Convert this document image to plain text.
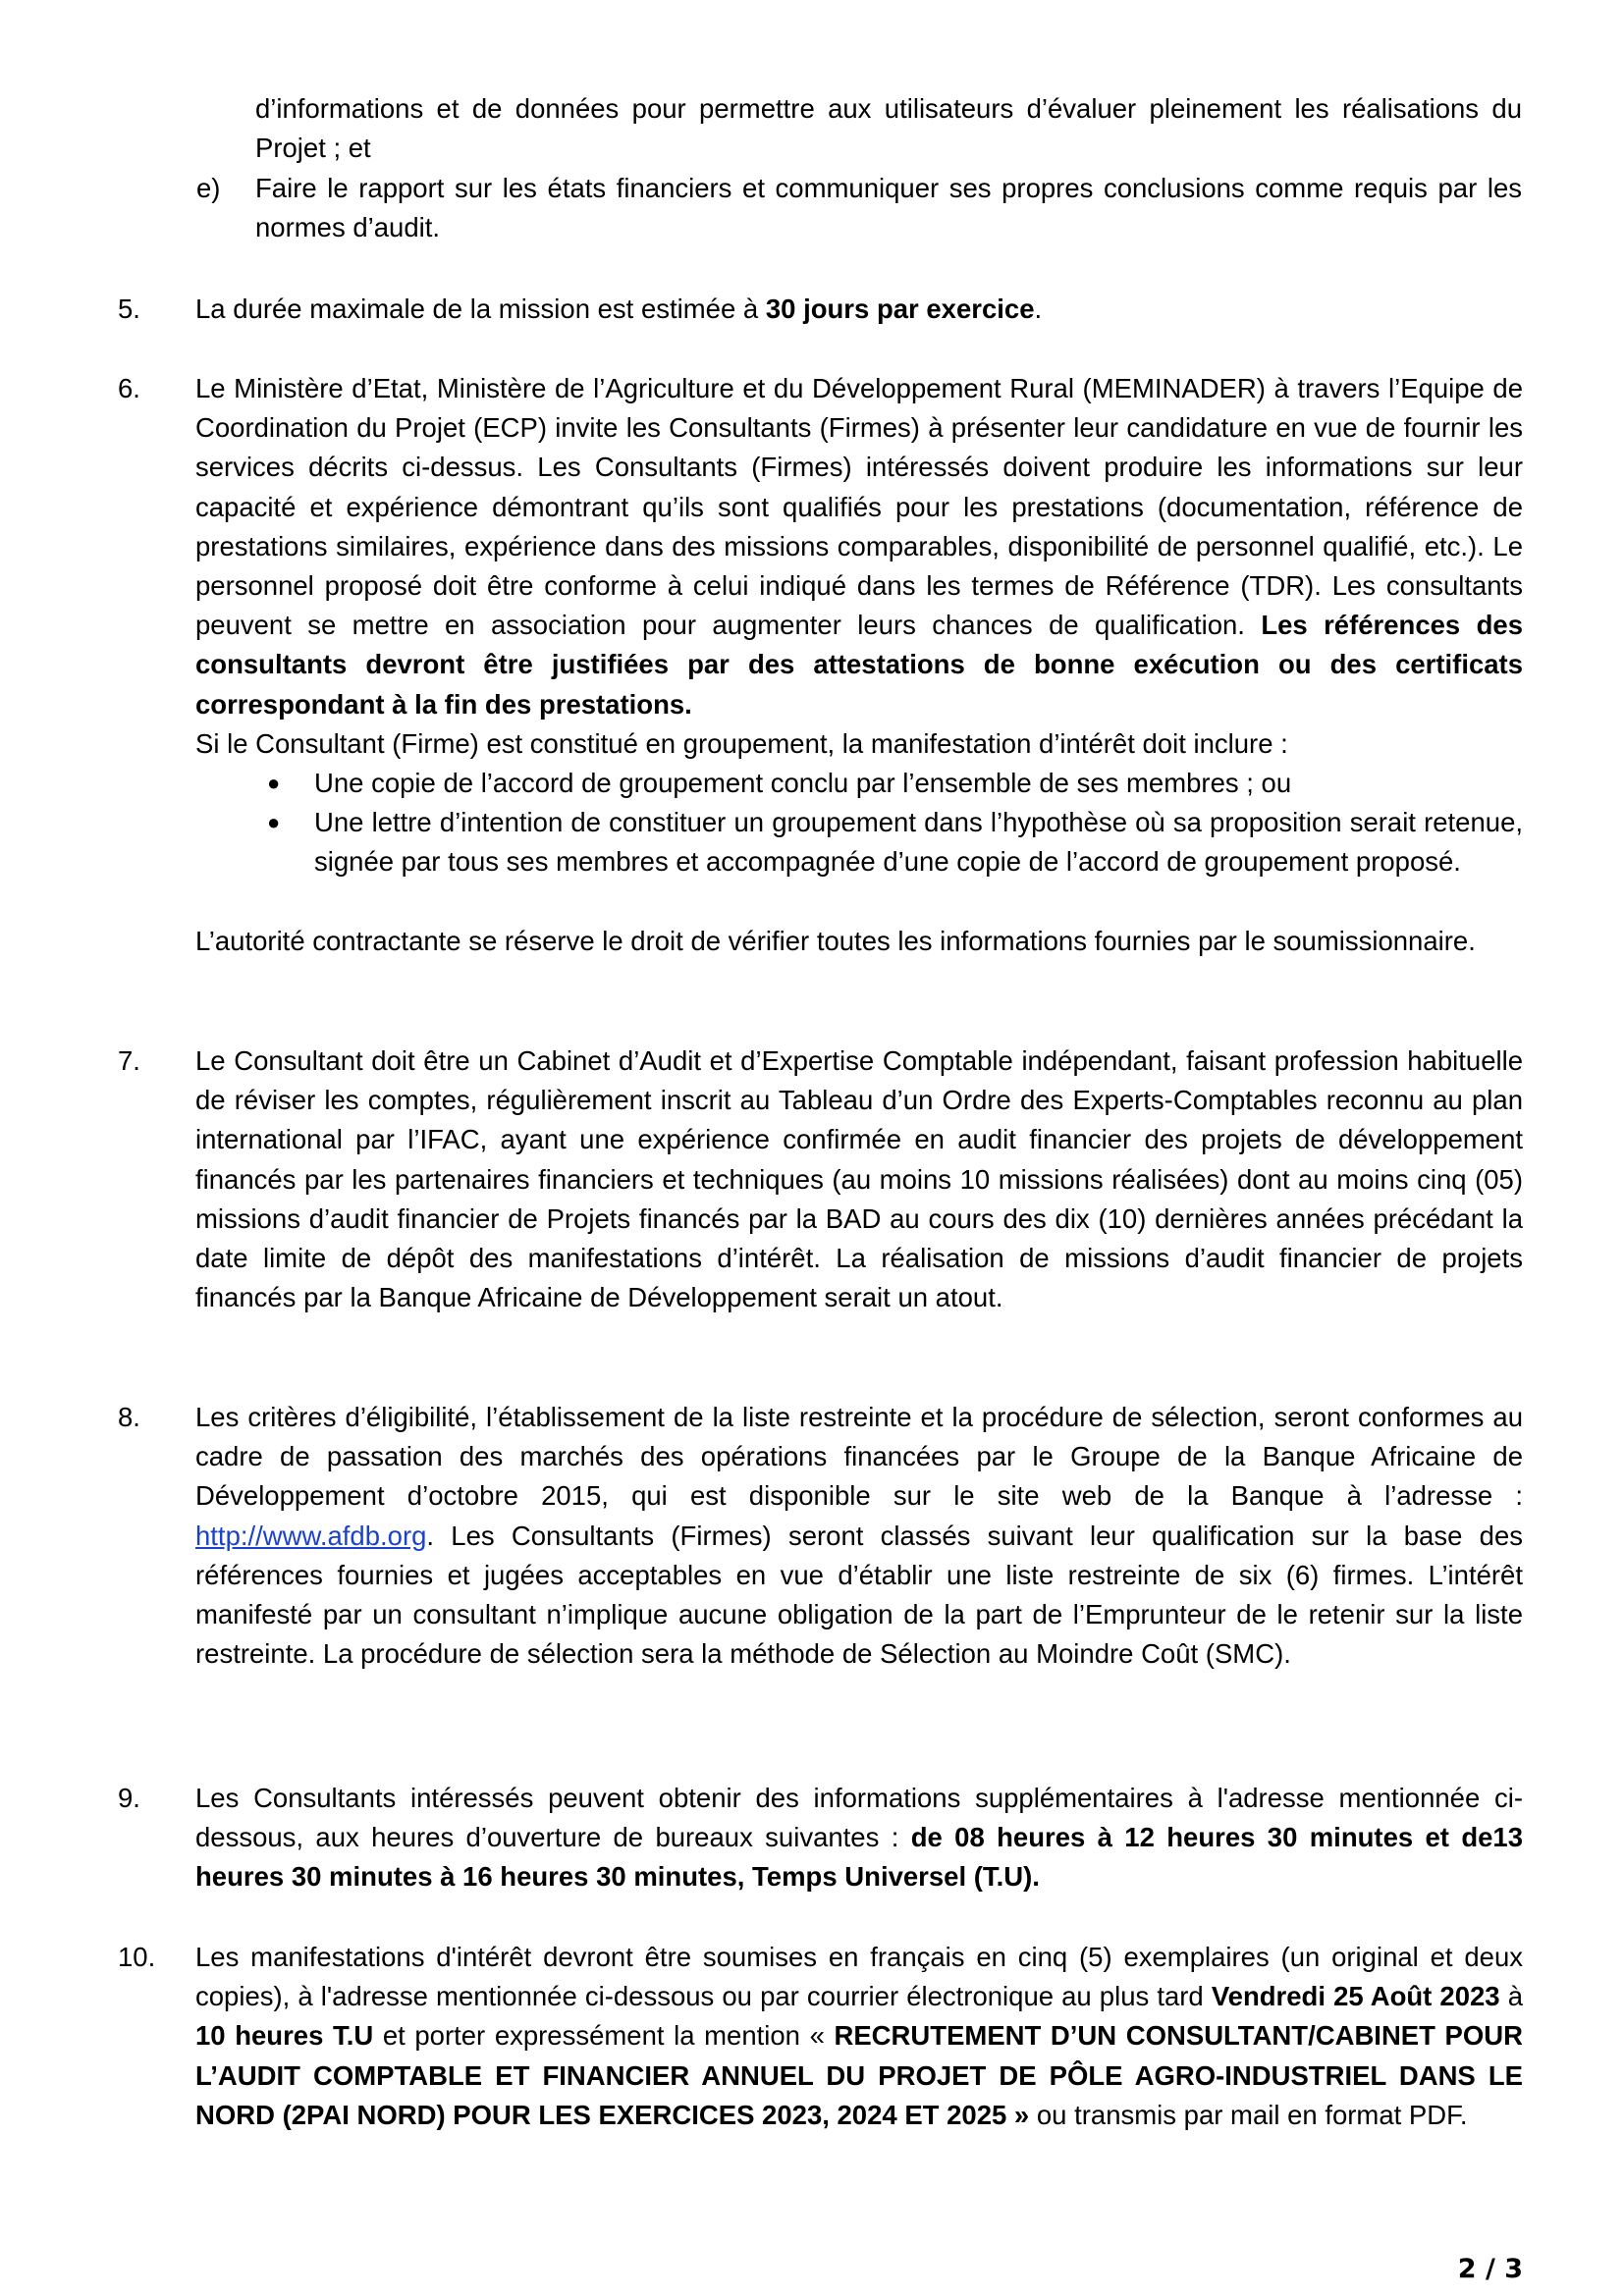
d’informations et de données pour permettre aux utilisateurs d’évaluer pleinement les réalisations du Projet ; et

e) Faire le rapport sur les états financiers et communiquer ses propres conclusions comme requis par les normes d’audit.

5. La durée maximale de la mission est estimée à 30 jours par exercice.

6. Le Ministère d’Etat, Ministère de l’Agriculture et du Développement Rural (MEMINADER) à travers l’Equipe de Coordination du Projet (ECP) invite les Consultants (Firmes) à présenter leur candidature en vue de fournir les services décrits ci-dessus. Les Consultants (Firmes) intéressés doivent produire les informations sur leur capacité et expérience démontrant qu’ils sont qualifiés pour les prestations (documentation, référence de prestations similaires, expérience dans des missions comparables, disponibilité de personnel qualifié, etc.). Le personnel proposé doit être conforme à celui indiqué dans les termes de Référence (TDR). Les consultants peuvent se mettre en association pour augmenter leurs chances de qualification. Les références des consultants devront être justifiées par des attestations de bonne exécution ou des certificats correspondant à la fin des prestations.

Si le Consultant (Firme) est constitué en groupement, la manifestation d’intérêt doit inclure :

● Une copie de l’accord de groupement conclu par l’ensemble de ses membres ; ou

● Une lettre d’intention de constituer un groupement dans l’hypothèse où sa proposition serait retenue, signée par tous ses membres et accompagnée d’une copie de l’accord de groupement proposé.

L’autorité contractante se réserve le droit de vérifier toutes les informations fournies par le soumissionnaire.

7. Le Consultant doit être un Cabinet d’Audit et d’Expertise Comptable indépendant, faisant profession habituelle de réviser les comptes, régulièrement inscrit au Tableau d’un Ordre des Experts-Comptables reconnu au plan international par l’IFAC, ayant une expérience confirmée en audit financier des projets de développement financés par les partenaires financiers et techniques (au moins 10 missions réalisées) dont au moins cinq (05) missions d’audit financier de Projets financés par la BAD au cours des dix (10) dernières années précédant la date limite de dépôt des manifestations d’intérêt. La réalisation de missions d’audit financier de projets financés par la Banque Africaine de Développement serait un atout.

8. Les critères d’éligibilité, l’établissement de la liste restreinte et la procédure de sélection, seront conformes au cadre de passation des marchés des opérations financées par le Groupe de la Banque Africaine de Développement d’octobre 2015, qui est disponible sur le site web de la Banque à l’adresse : http://www.afdb.org. Les Consultants (Firmes) seront classés suivant leur qualification sur la base des références fournies et jugées acceptables en vue d’établir une liste restreinte de six (6) firmes. L’intérêt manifesté par un consultant n’implique aucune obligation de la part de l’Emprunteur de le retenir sur la liste restreinte. La procédure de sélection sera la méthode de Sélection au Moindre Coût (SMC).

9. Les Consultants intéressés peuvent obtenir des informations supplémentaires à l'adresse mentionnée ci-dessous, aux heures d’ouverture de bureaux suivantes : de 08 heures à 12 heures 30 minutes et de13 heures 30 minutes à 16 heures 30 minutes, Temps Universel (T.U).

10. Les manifestations d'intérêt devront être soumises en français en cinq (5) exemplaires (un original et deux copies), à l'adresse mentionnée ci-dessous ou par courrier électronique au plus tard Vendredi 25 Août 2023 à 10 heures T.U et porter expressément la mention « RECRUTEMENT D’UN CONSULTANT/CABINET POUR L’AUDIT COMPTABLE ET FINANCIER ANNUEL DU PROJET DE PÔLE AGRO-INDUSTRIEL DANS LE NORD (2PAI NORD) POUR LES EXERCICES 2023, 2024 ET 2025 » ou transmis par mail en format PDF.

2 / 3
